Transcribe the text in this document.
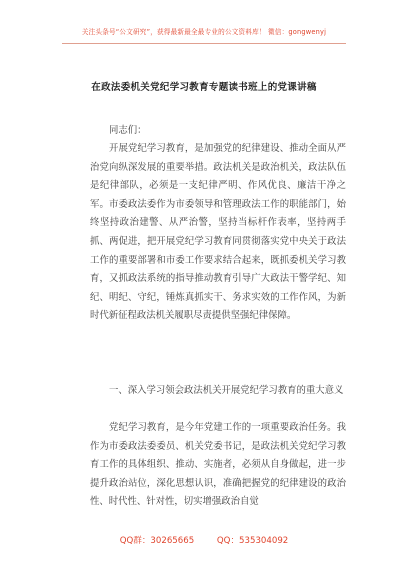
关注头条号“公文研究”，获得最新最全最专业的公文资料库！ 微信：gongwenyj
在政法委机关党纪学习教育专题读书班上的党课讲稿
同志们：
开展党纪学习教育，是加强党的纪律建设、推动全面从严治党向纵深发展的重要举措。政法机关是政治机关，政法队伍是纪律部队，必须是一支纪律严明、作风优良、廉洁干净之军。市委政法委作为市委领导和管理政法工作的职能部门，始终坚持政治建警、从严治警，坚持当标杆作表率，坚持两手抓、两促进，把开展党纪学习教育同贯彻落实党中央关于政法工作的重要部署和市委工作要求结合起来，既抓委机关学习教育，又抓政法系统的指导推动教育引导广大政法干警学纪、知纪、明纪、守纪，锤炼真抓实干、务求实效的工作作风，为新时代新征程政法机关履职尽责提供坚强纪律保障。
一、深入学习领会政法机关开展党纪学习教育的重大意义
党纪学习教育，是今年党建工作的一项重要政治任务。我作为市委政法委委员、机关党委书记，是政法机关党纪学习教育工作的具体组织、推动、实施者，必须从自身做起，进一步提升政治站位，深化思想认识，准确把握党的纪律建设的政治性、时代性、针对性，切实增强政治自觉
QQ群：30265665	QQ：535304092
